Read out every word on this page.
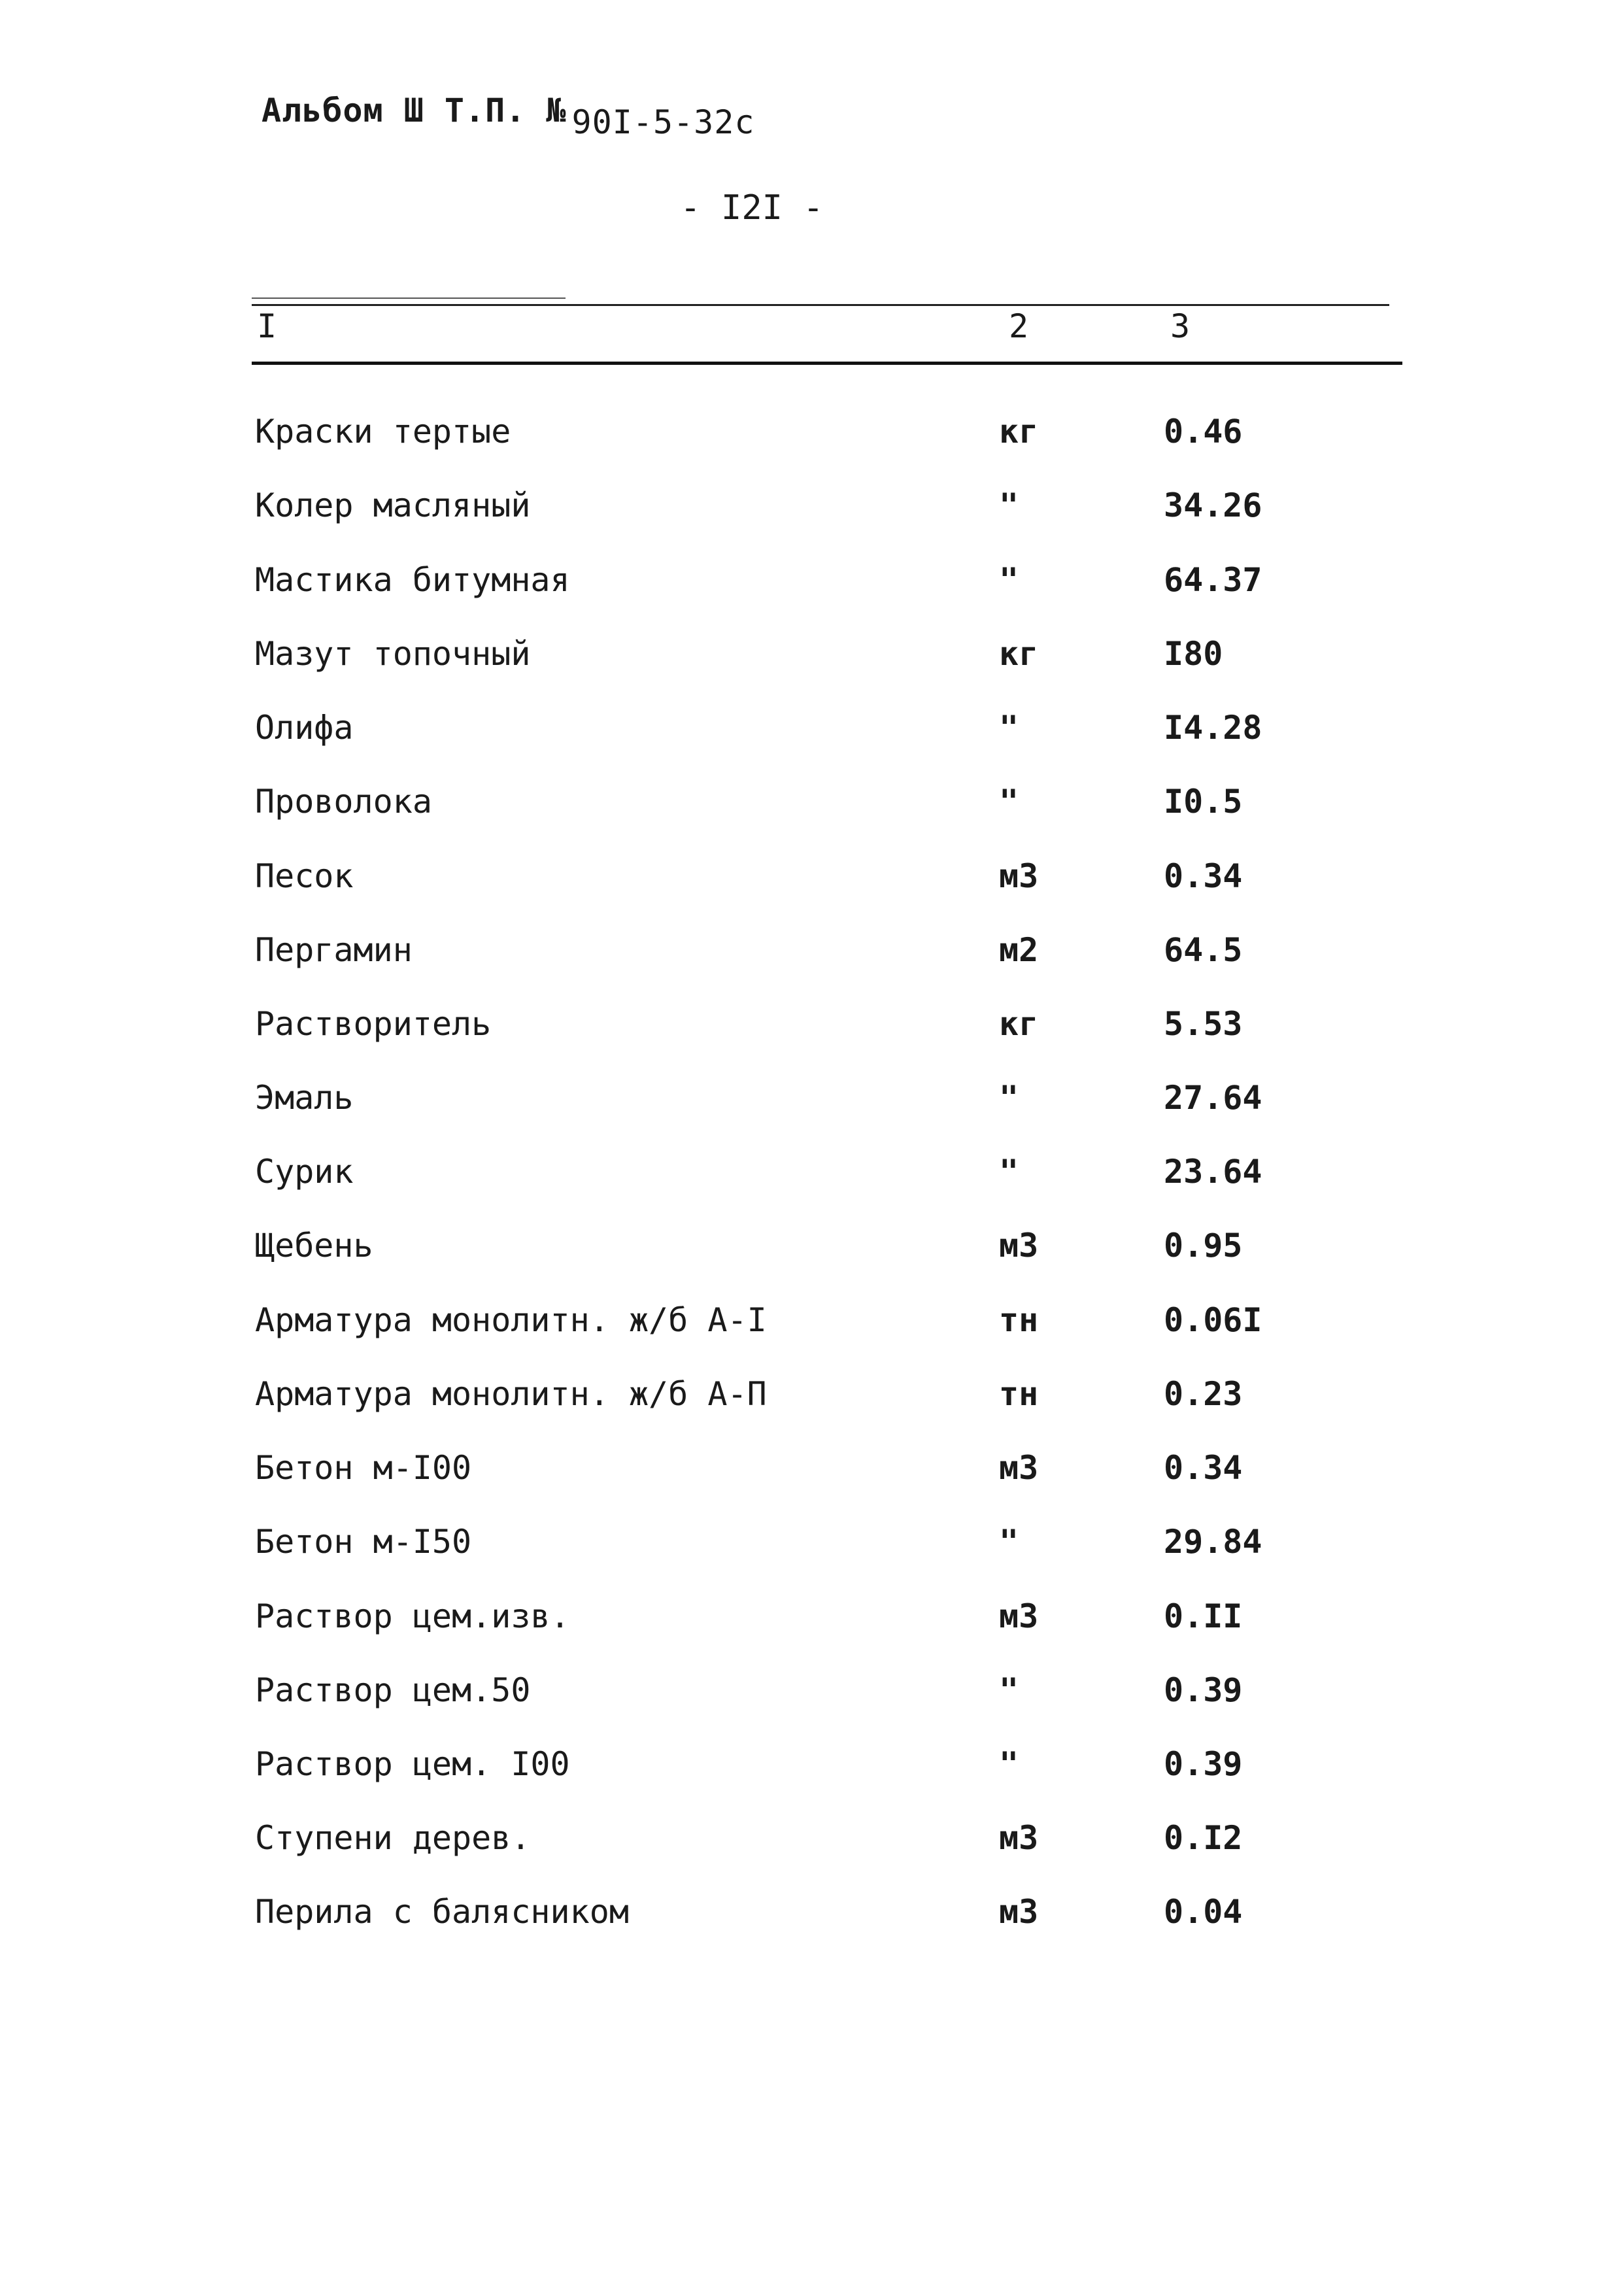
Альбом Ш Т.П. № 90I-5-32с
- I2I -
I	2	3
Краски тертые	кг	0.46
Колер масляный	"	34.26
Мастика битумная	"	64.37
Мазут топочный	кг	I80
Олифа	"	I4.28
Проволока	"	I0.5
Песок	м3	0.34
Пергамин	м2	64.5
Растворитель	кг	5.53
Эмаль	"	27.64
Сурик	"	23.64
Щебень	м3	0.95
Арматура монолитн. ж/б А-I	тн	0.06I
Арматура монолитн. ж/б А-П	тн	0.23
Бетон м-I00	м3	0.34
Бетон м-I50	"	29.84
Раствор цем.изв.	м3	0.II
Раствор цем.50	"	0.39
Раствор цем. I00	"	0.39
Ступени дерев.	м3	0.I2
Перила с балясником	м3	0.04
